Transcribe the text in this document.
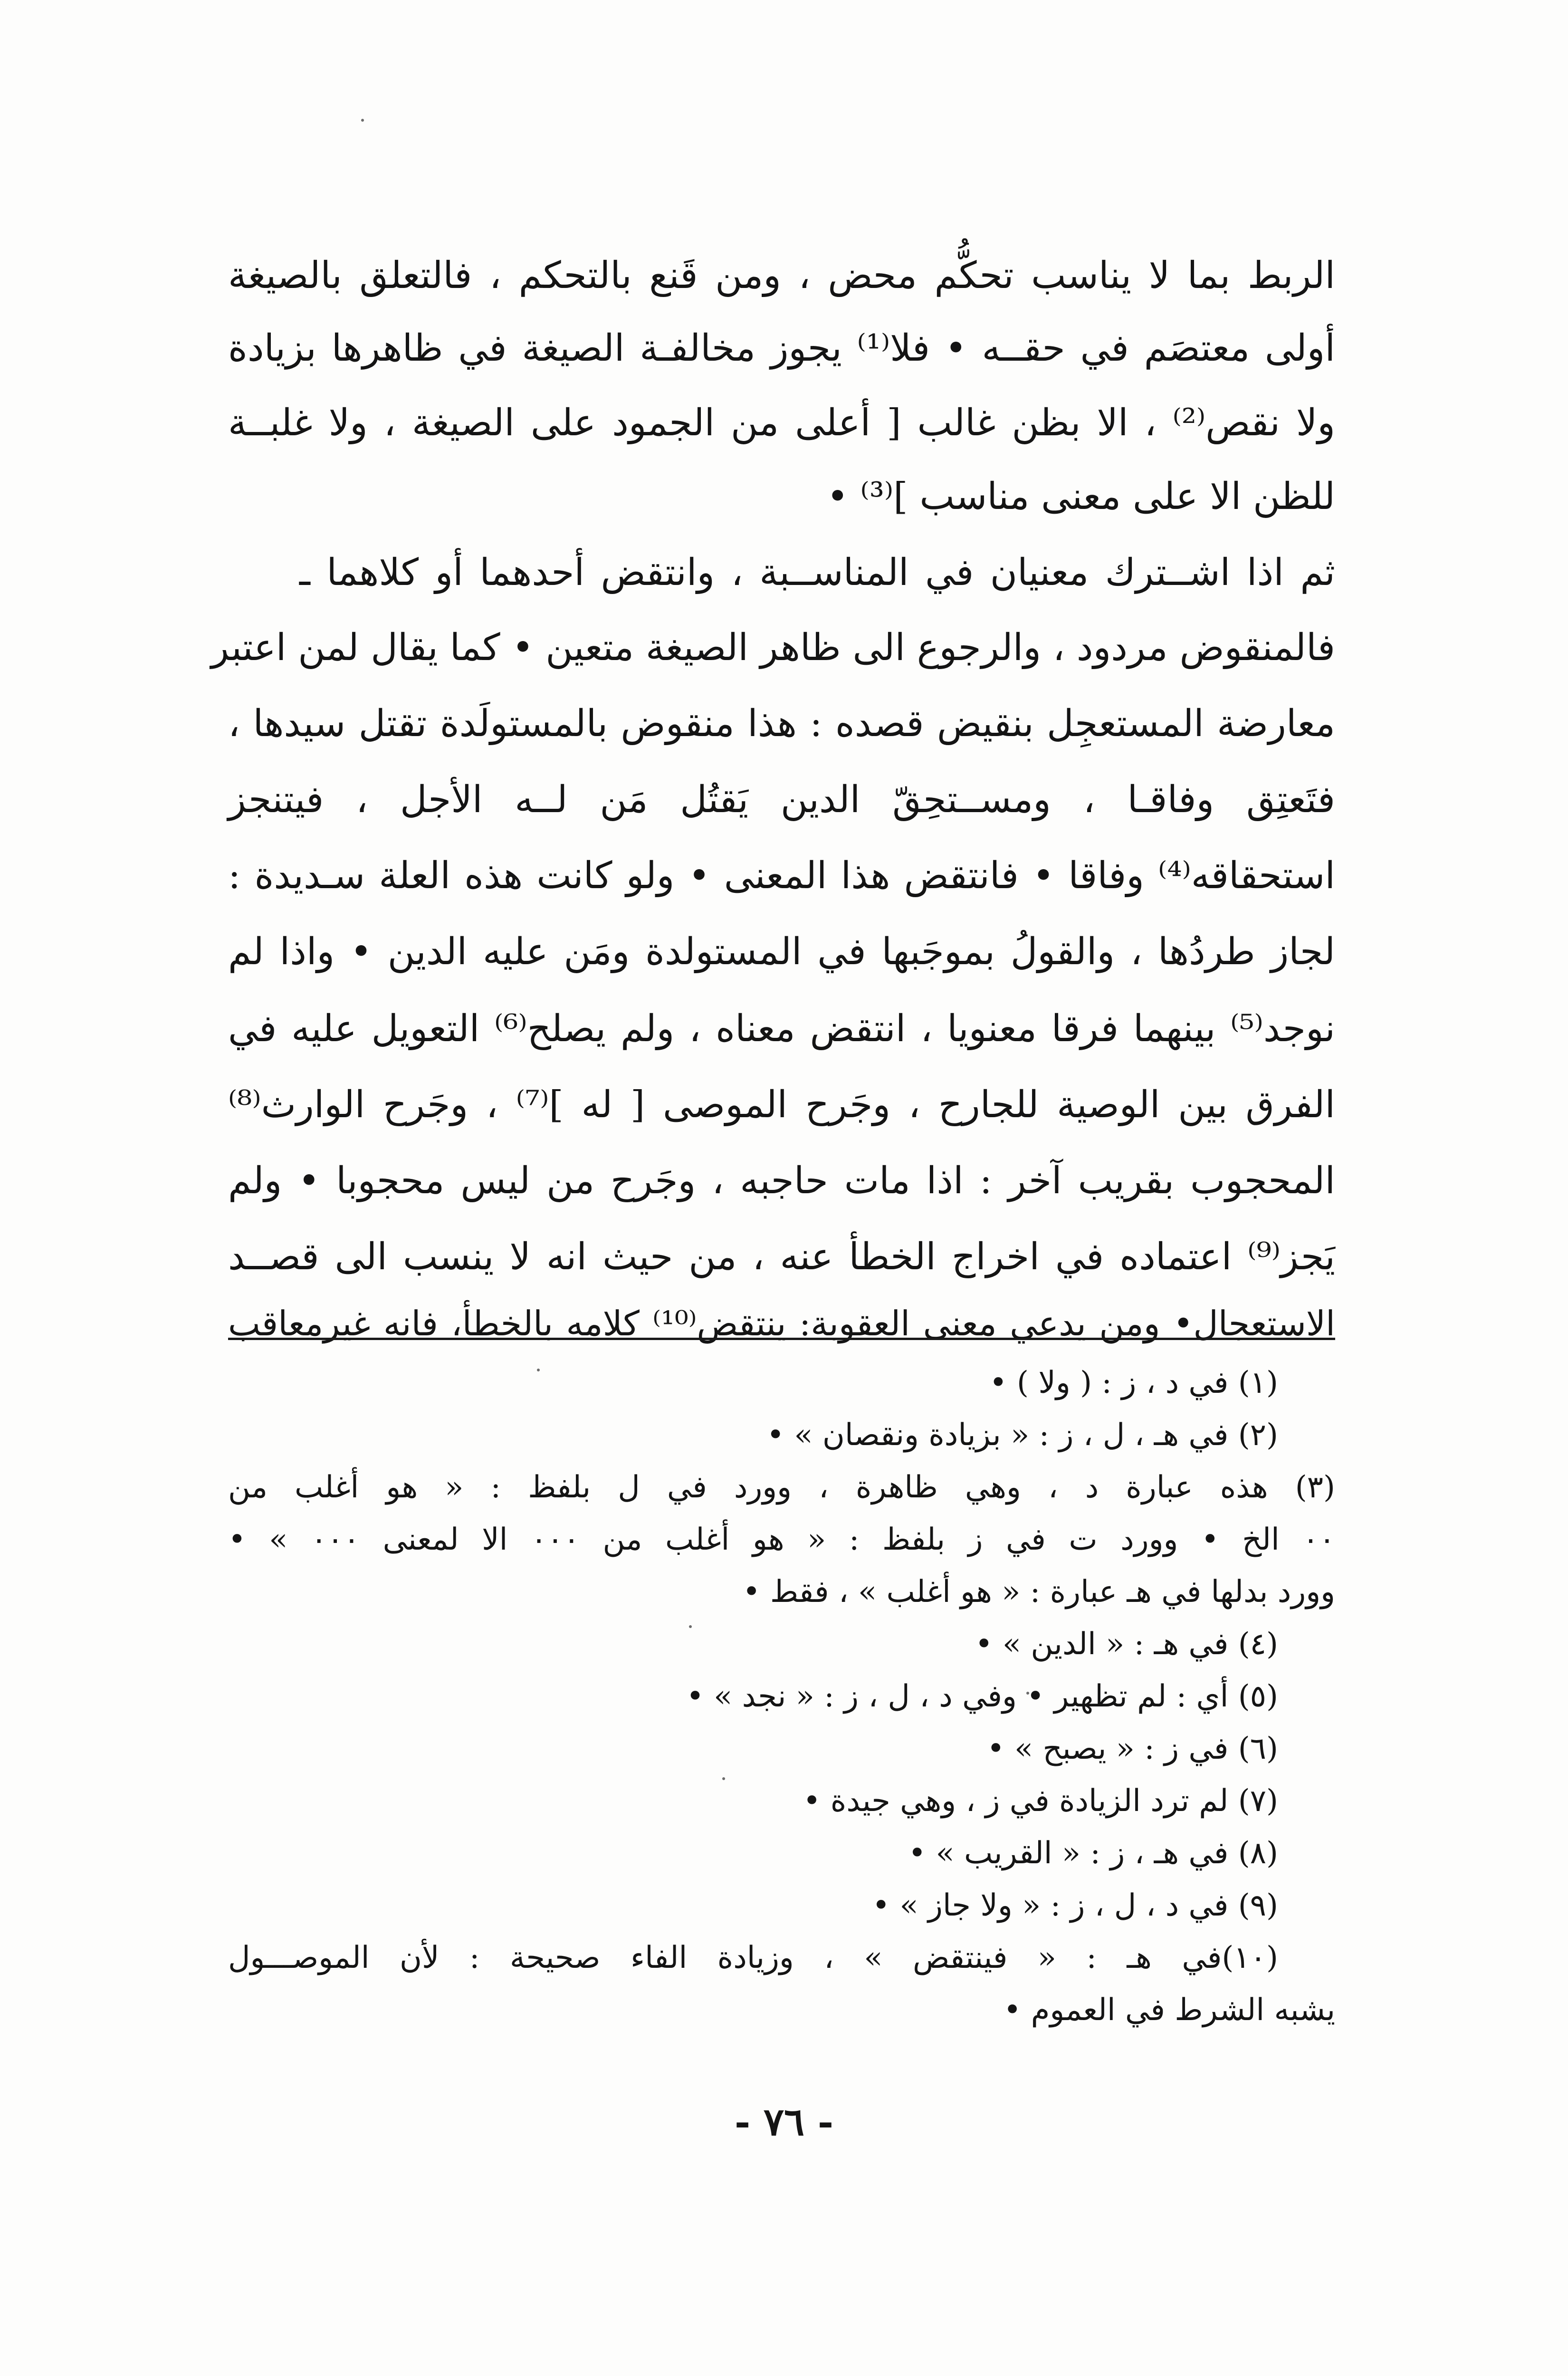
الربط بما لا يناسب تحكُّم محض ، ومن قَنع بالتحكم ، فالتعلق بالصيغة
أولى معتصَم في حقــه • فلا⁽¹⁾ يجوز مخالفـة الصيغة في ظاهرها بزيادة
ولا نقص⁽²⁾ ، الا بظن غالب [ أعلى من الجمود على الصيغة ، ولا غلبــة
للظن الا على معنى مناسب ]⁽³⁾ •
ثم اذا اشــترك معنيان في المناســبة ، وانتقض أحدهما أو كلاهما ـ
فالمنقوض مردود ، والرجوع الى ظاهر الصيغة متعين • كما يقال لمن اعتبر
معارضة المستعجِل بنقيض قصده : هذا منقوض بالمستولَدة تقتل سيدها ،
فتَعتِق وفاقـا ، ومســتحِقّ الدين يَقتُل مَن لــه الأجل ، فيتنجز
استحقاقه⁽⁴⁾ وفاقا • فانتقض هذا المعنى • ولو كانت هذه العلة سـديدة :
لجاز طردُها ، والقولُ بموجَبها في المستولدة ومَن عليه الدين • واذا لم
نوجد⁽⁵⁾ بينهما فرقا معنويا ، انتقض معناه ، ولم يصلح⁽⁶⁾ التعويل عليه في
الفرق بين الوصية للجارح ، وجَرح الموصى [ له ]⁽⁷⁾ ، وجَرح الوارث⁽⁸⁾
المحجوب بقريب آخر : اذا مات حاجبه ، وجَرح من ليس محجوبا • ولم
يَجز⁽⁹⁾ اعتماده في اخراج الخطأ عنه ، من حيث انه لا ينسب الى قصــد
الاستعجال• ومن يدعي معنى العقوبة: ينتقض⁽¹⁰⁾ كلامه بالخطأ، فانه غيرمعاقب
(١) في د ، ز : ( ولا ) •
(٢) في هـ ، ل ، ز : « بزيادة ونقصان » •
(٣) هذه عبارة د ، وهي ظاهرة ، وورد في ل بلفظ : « هو أغلب من
٠٠ الخ • وورد ت في ز بلفظ : « هو أغلب من ٠٠٠ الا لمعنى ٠٠٠ » •
وورد بدلها في هـ عبارة : « هو أغلب » ، فقط •
(٤) في هـ : « الدين » •
(٥) أي : لم تظهير • وفي د ، ل ، ز : « نجد » •
(٦) في ز : « يصبح » •
(٧) لم ترد الزيادة في ز ، وهي جيدة •
(٨) في هـ ، ز : « القريب » •
(٩) في د ، ل ، ز : « ولا جاز » •
(١٠)في هـ : « فينتقض » ، وزيادة الفاء صحيحة : لأن الموصـــول
يشبه الشرط في العموم •
- ٧٦ -
